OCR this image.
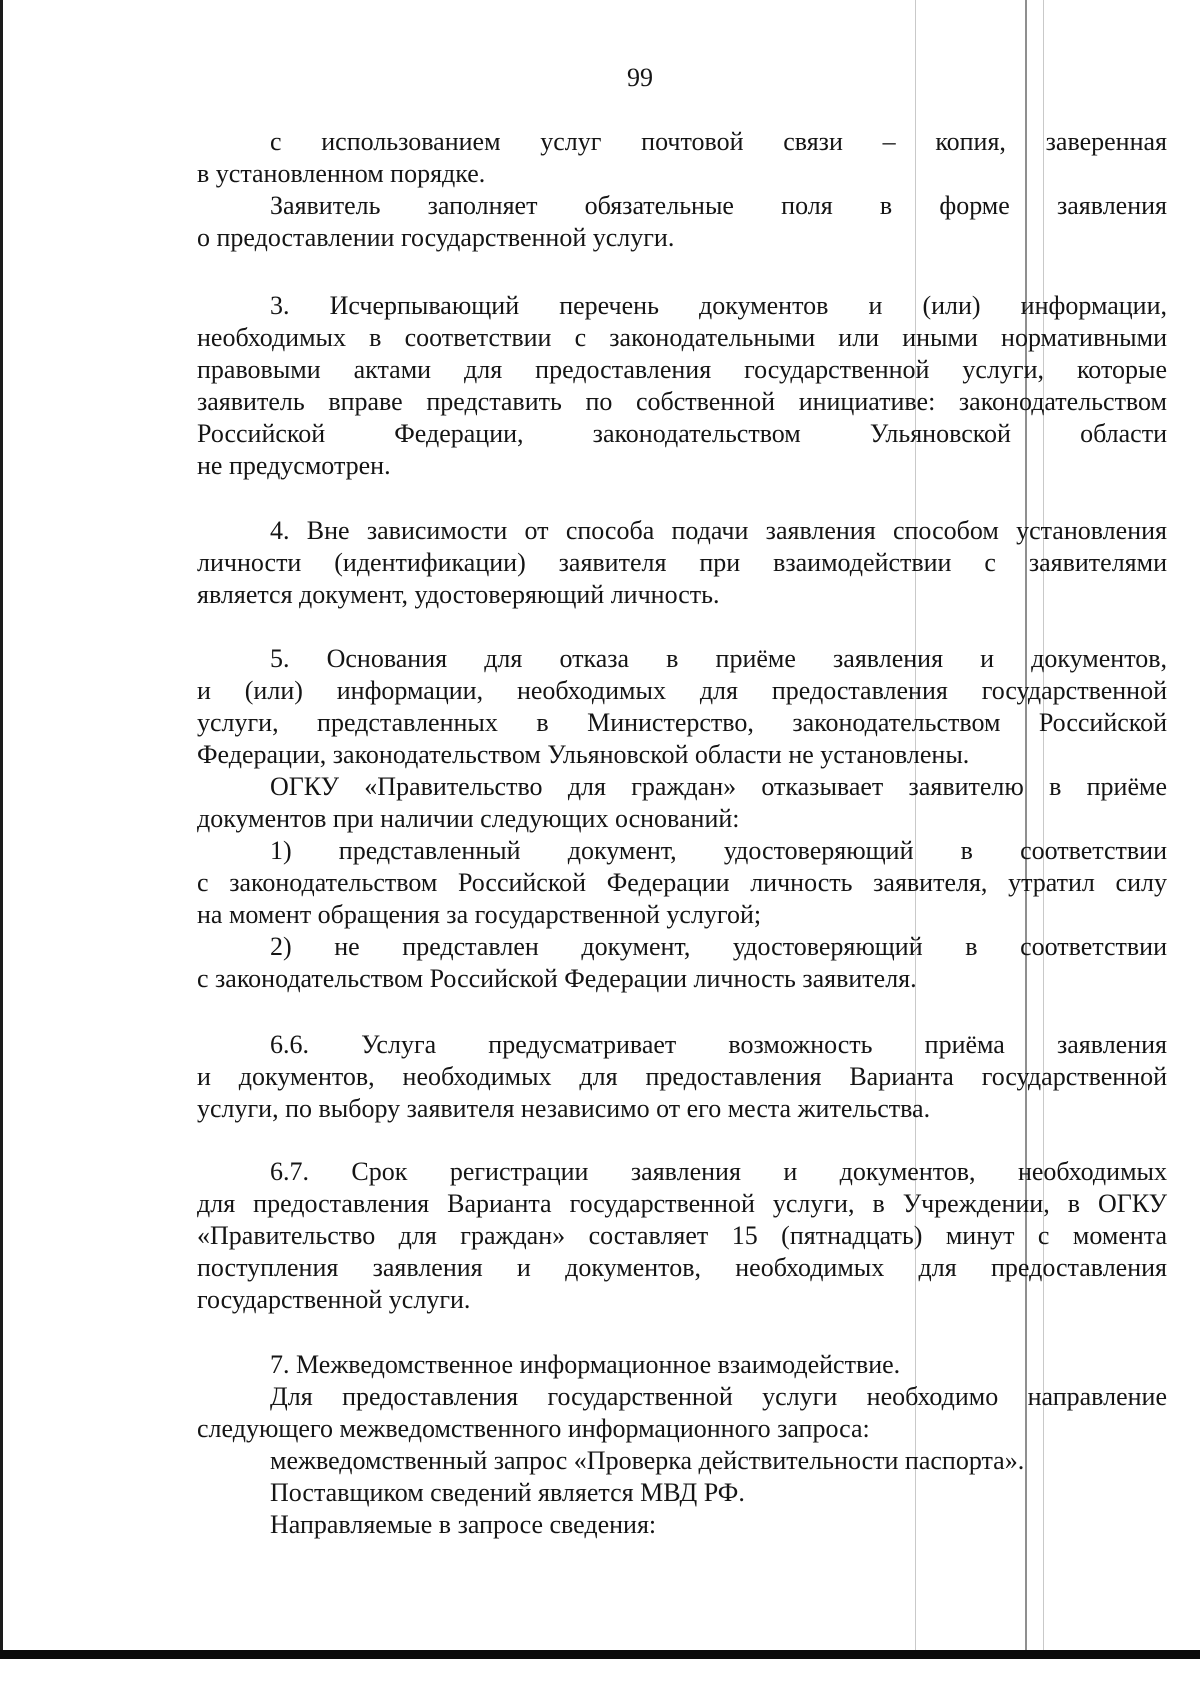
99
с использованием услуг почтовой связи – копия, заверенная
в установленном порядке.
Заявитель заполняет обязательные поля в форме заявления
о предоставлении государственной услуги.
3. Исчерпывающий перечень документов и (или) информации,
необходимых в соответствии с законодательными или иными нормативными
правовыми актами для предоставления государственной услуги, которые
заявитель вправе представить по собственной инициативе: законодательством
Российской Федерации, законодательством Ульяновской области
не предусмотрен.
4. Вне зависимости от способа подачи заявления способом установления
личности (идентификации) заявителя при взаимодействии с заявителями
является документ, удостоверяющий личность.
5. Основания для отказа в приёме заявления и документов,
и (или) информации, необходимых для предоставления государственной
услуги, представленных в Министерство, законодательством Российской
Федерации, законодательством Ульяновской области не установлены.
ОГКУ «Правительство для граждан» отказывает заявителю в приёме
документов при наличии следующих оснований:
1) представленный документ, удостоверяющий в соответствии
с законодательством Российской Федерации личность заявителя, утратил силу
на момент обращения за государственной услугой;
2) не представлен документ, удостоверяющий в соответствии
с законодательством Российской Федерации личность заявителя.
6.6. Услуга предусматривает возможность приёма заявления
и документов, необходимых для предоставления Варианта государственной
услуги, по выбору заявителя независимо от его места жительства.
6.7. Срок регистрации заявления и документов, необходимых
для предоставления Варианта государственной услуги, в Учреждении, в ОГКУ
«Правительство для граждан» составляет 15 (пятнадцать) минут с момента
поступления заявления и документов, необходимых для предоставления
государственной услуги.
7. Межведомственное информационное взаимодействие.
Для предоставления государственной услуги необходимо направление
следующего межведомственного информационного запроса:
межведомственный запрос «Проверка действительности паспорта».
Поставщиком сведений является МВД РФ.
Направляемые в запросе сведения:
